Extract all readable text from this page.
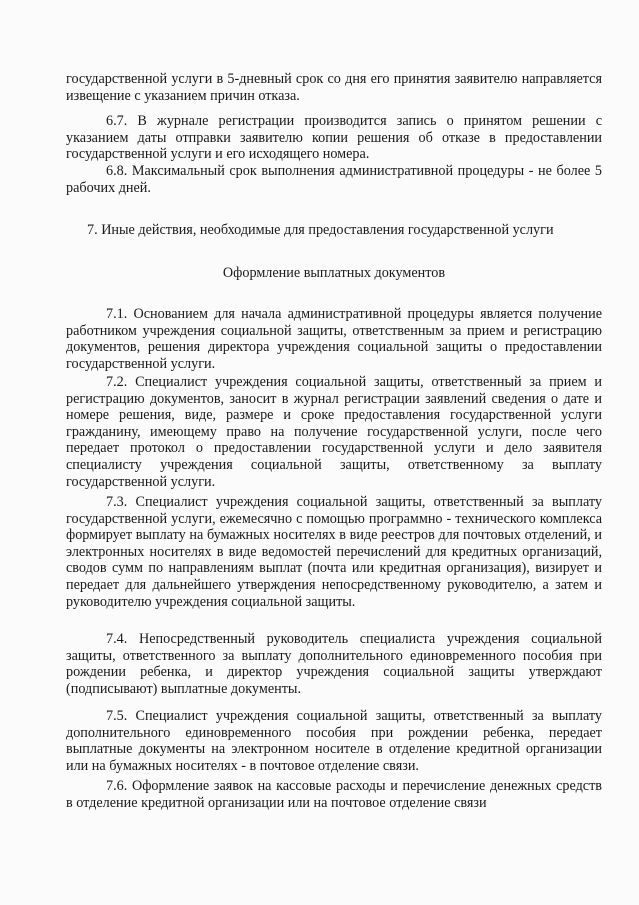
государственной услуги в 5-дневный срок со дня его принятия заявителю направляется извещение с указанием причин отказа.

6.7. В журнале регистрации производится запись о принятом решении с указанием даты отправки заявителю копии решения об отказе в предоставлении государственной услуги и его исходящего номера.

6.8. Максимальный срок выполнения административной процедуры - не более 5 рабочих дней.

7. Иные действия, необходимые для предоставления государственной услуги

Оформление выплатных документов

7.1. Основанием для начала административной процедуры является получение работником учреждения социальной защиты, ответственным за прием и регистрацию документов, решения директора учреждения социальной защиты о предоставлении государственной услуги.

7.2. Специалист учреждения социальной защиты, ответственный за прием и регистрацию документов, заносит в журнал регистрации заявлений сведения о дате и номере решения, виде, размере и сроке предоставления государственной услуги гражданину, имеющему право на получение государственной услуги, после чего передает протокол о предоставлении государственной услуги и дело заявителя специалисту учреждения социальной защиты, ответственному за выплату государственной услуги.

7.3. Специалист учреждения социальной защиты, ответственный за выплату государственной услуги, ежемесячно с помощью программно - технического комплекса формирует выплату на бумажных носителях в виде реестров для почтовых отделений, и электронных носителях в виде ведомостей перечислений для кредитных организаций, сводов сумм по направлениям выплат (почта или кредитная организация), визирует и передает для дальнейшего утверждения непосредственному руководителю, а затем и руководителю учреждения социальной защиты.

7.4. Непосредственный руководитель специалиста учреждения социальной защиты, ответственного за выплату дополнительного единовременного пособия при рождении ребенка, и директор учреждения социальной защиты утверждают (подписывают) выплатные документы.

7.5. Специалист учреждения социальной защиты, ответственный за выплату дополнительного единовременного пособия при рождении ребенка, передает выплатные документы на электронном носителе в отделение кредитной организации или на бумажных носителях - в почтовое отделение связи.

7.6. Оформление заявок на кассовые расходы и перечисление денежных средств в отделение кредитной организации или на почтовое отделение связи
